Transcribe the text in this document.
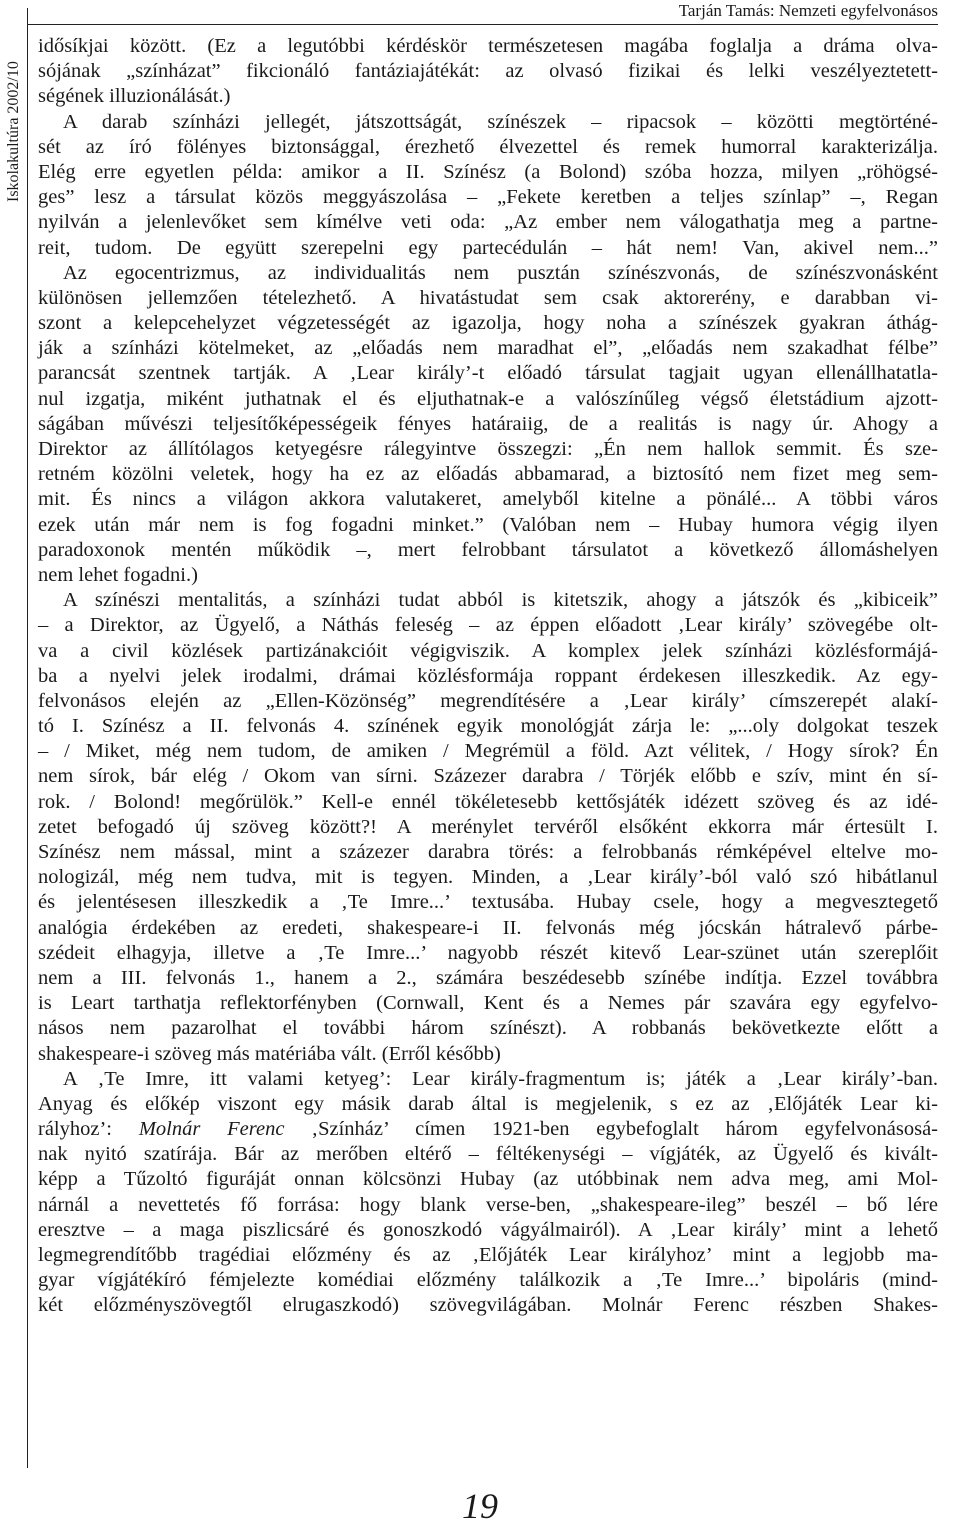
Iskolakultúra 2002/10
Tarján Tamás: Nemzeti egyfelvonásos
idősíkjai között. (Ez a legutóbbi kérdéskör természetesen magába foglalja a dráma olva-
sójának „színházat” fikcionáló fantáziajátékát: az olvasó fizikai és lelki veszélyeztetett-
ségének illuzionálását.)
A darab színházi jellegét, játszottságát, színészek – ripacsok – közötti megtörténé-
sét az író fölényes biztonsággal, érezhető élvezettel és remek humorral karakterizálja.
Elég erre egyetlen példa: amikor a II. Színész (a Bolond) szóba hozza, milyen „röhögsé-
ges” lesz a társulat közös meggyászolása – „Fekete keretben a teljes színlap” –, Regan
nyilván a jelenlevőket sem kímélve veti oda: „Az ember nem válogathatja meg a partne-
reit, tudom. De együtt szerepelni egy partecédulán – hát nem! Van, akivel nem...”
Az egocentrizmus, az individualitás nem pusztán színészvonás, de színészvonásként
különösen jellemzően tételezhető. A hivatástudat sem csak aktorerény, e darabban vi-
szont a kelepcehelyzet végzetességét az igazolja, hogy noha a színészek gyakran áthág-
ják a színházi kötelmeket, az „előadás nem maradhat el”, „előadás nem szakadhat félbe”
parancsát szentnek tartják. A ‚Lear király’-t előadó társulat tagjait ugyan ellenállhatatla-
nul izgatja, miként juthatnak el és eljuthatnak-e a valószínűleg végső életstádium ajzott-
ságában művészi teljesítőképességeik fényes határaiig, de a realitás is nagy úr. Ahogy a
Direktor az állítólagos ketyegésre rálegyintve összegzi: „Én nem hallok semmit. És sze-
retném közölni veletek, hogy ha ez az előadás abbamarad, a biztosító nem fizet meg sem-
mit. És nincs a világon akkora valutakeret, amelyből kitelne a pönálé... A többi város
ezek után már nem is fog fogadni minket.” (Valóban nem – Hubay humora végig ilyen
paradoxonok mentén működik –, mert felrobbant társulatot a következő állomáshelyen
nem lehet fogadni.)
A színészi mentalitás, a színházi tudat abból is kitetszik, ahogy a játszók és „kibiceik”
– a Direktor, az Ügyelő, a Náthás feleség – az éppen előadott ‚Lear király’ szövegébe olt-
va a civil közlések partizánakcióit végigviszik. A komplex jelek színházi közlésformájá-
ba a nyelvi jelek irodalmi, drámai közlésformája roppant érdekesen illeszkedik. Az egy-
felvonásos elején az „Ellen-Közönség” megrendítésére a ‚Lear király’ címszerepét alakí-
tó I. Színész a II. felvonás 4. színének egyik monológját zárja le: „...oly dolgokat teszek
– / Miket, még nem tudom, de amiken / Megrémül a föld. Azt vélitek, / Hogy sírok? Én
nem sírok, bár elég / Okom van sírni. Százezer darabra / Törjék előbb e szív, mint én sí-
rok. / Bolond! megőrülök.” Kell-e ennél tökéletesebb kettősjáték idézett szöveg és az idé-
zetet befogadó új szöveg között?! A merénylet tervéről elsőként ekkorra már értesült I.
Színész nem mással, mint a százezer darabra törés: a felrobbanás rémképével eltelve mo-
nologizál, még nem tudva, mit is tegyen. Minden, a ‚Lear király’-ból való szó hibátlanul
és jelentésesen illeszkedik a ‚Te Imre...’ textusába. Hubay csele, hogy a megvesztegető
analógia érdekében az eredeti, shakespeare-i II. felvonás még jócskán hátralevő párbe-
szédeit elhagyja, illetve a ‚Te Imre...’ nagyobb részét kitevő Lear-szünet után szereplőit
nem a III. felvonás 1., hanem a 2., számára beszédesebb színébe indítja. Ezzel továbbra
is Leart tarthatja reflektorfényben (Cornwall, Kent és a Nemes pár szavára egy egyfelvo-
násos nem pazarolhat el további három színészt). A robbanás bekövetkezte előtt a
shakespeare-i szöveg más matériába vált. (Erről később)
A ‚Te Imre, itt valami ketyeg’: Lear király-fragmentum is; játék a ‚Lear király’-ban.
Anyag és előkép viszont egy másik darab által is megjelenik, s ez az ‚Előjáték Lear ki-
rályhoz’: Molnár Ferenc ‚Színház’ címen 1921-ben egybefoglalt három egyfelvonásosá-
nak nyitó szatírája. Bár az merőben eltérő – féltékenységi – vígjáték, az Ügyelő és kivált-
képp a Tűzoltó figuráját onnan kölcsönzi Hubay (az utóbbinak nem adva meg, ami Mol-
nárnál a nevettetés fő forrása: hogy blank verse-ben, „shakespeare-ileg” beszél – bő lére
eresztve – a maga piszlicsáré és gonoszkodó vágyálmairól). A ‚Lear király’ mint a lehető
legmegrendítőbb tragédiai előzmény és az ‚Előjáték Lear királyhoz’ mint a legjobb ma-
gyar vígjátékíró fémjelezte komédiai előzmény találkozik a ‚Te Imre...’ bipoláris (mind-
két előzményszövegtől elrugaszkodó) szövegvilágában. Molnár Ferenc részben Shakes-
19
